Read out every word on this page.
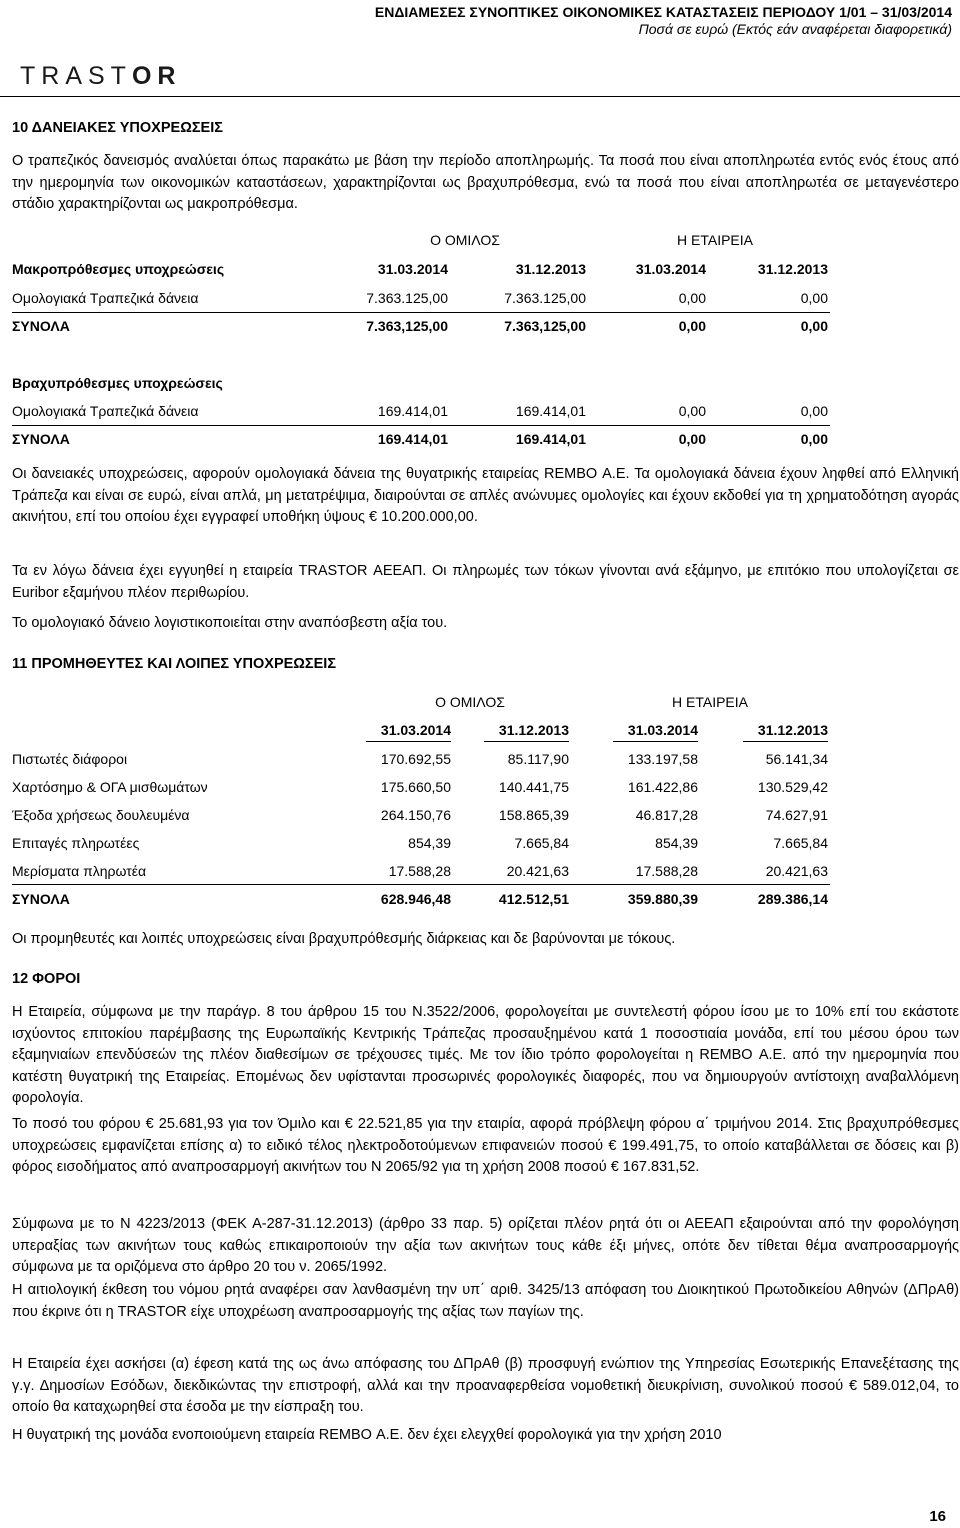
ΕΝΔΙΑΜΕΣΕΣ ΣΥΝΟΠΤΙΚΕΣ ΟΙΚΟΝΟΜΙΚΕΣ ΚΑΤΑΣΤΑΣΕΙΣ ΠΕΡΙΟΔΟΥ 1/01 – 31/03/2014
Ποσά σε ευρώ (Εκτός εάν αναφέρεται διαφορετικά)
TRASTOR
10 ΔΑΝΕΙΑΚΕΣ ΥΠΟΧΡΕΩΣΕΙΣ
Ο τραπεζικός δανεισμός αναλύεται όπως παρακάτω με βάση την περίοδο αποπληρωμής. Τα ποσά που είναι αποπληρωτέα εντός ενός έτους από την ημερομηνία των οικονομικών καταστάσεων, χαρακτηρίζονται ως βραχυπρόθεσμα, ενώ τα ποσά που είναι αποπληρωτέα σε μεταγενέστερο στάδιο χαρακτηρίζονται ως μακροπρόθεσμα.
Ο ΟΜΙΛΟΣ	Η ΕΤΑΙΡΕΙΑ
Μακροπρόθεσμες υποχρεώσεις	31.03.2014	31.12.2013	31.03.2014	31.12.2013
Ομολογιακά Τραπεζικά δάνεια	7.363.125,00	7.363.125,00	0,00	0,00
ΣΥΝΟΛΑ	7.363,125,00	7.363,125,00	0,00	0,00
Βραχυπρόθεσμες υποχρεώσεις
Ομολογιακά Τραπεζικά δάνεια	169.414,01	169.414,01	0,00	0,00
ΣΥΝΟΛΑ	169.414,01	169.414,01	0,00	0,00
Οι δανειακές υποχρεώσεις, αφορούν ομολογιακά δάνεια της θυγατρικής εταιρείας REMBO Α.Ε. Τα ομολογιακά δάνεια έχουν ληφθεί από Ελληνική Τράπεζα και είναι σε ευρώ, είναι απλά, μη μετατρέψιμα, διαιρούνται σε απλές ανώνυμες ομολογίες και έχουν εκδοθεί για τη χρηματοδότηση αγοράς ακινήτου, επί του οποίου έχει εγγραφεί υποθήκη ύψους € 10.200.000,00.
Τα εν λόγω δάνεια έχει εγγυηθεί η εταιρεία TRASTOR ΑΕΕΑΠ. Οι πληρωμές των τόκων γίνονται ανά εξάμηνο, με επιτόκιο που υπολογίζεται σε Euribor εξαμήνου πλέον περιθωρίου.
Το ομολογιακό δάνειο λογιστικοποιείται στην αναπόσβεστη αξία του.
11 ΠΡΟΜΗΘΕΥΤΕΣ ΚΑΙ ΛΟΙΠΕΣ ΥΠΟΧΡΕΩΣΕΙΣ
Ο ΟΜΙΛΟΣ	Η ΕΤΑΙΡΕΙΑ
31.03.2014	31.12.2013	31.03.2014	31.12.2013
Πιστωτές διάφοροι	170.692,55	85.117,90	133.197,58	56.141,34
Χαρτόσημο & ΟΓΑ μισθωμάτων	175.660,50	140.441,75	161.422,86	130.529,42
Έξοδα χρήσεως δουλευμένα	264.150,76	158.865,39	46.817,28	74.627,91
Επιταγές πληρωτέες	854,39	7.665,84	854,39	7.665,84
Μερίσματα πληρωτέα	17.588,28	20.421,63	17.588,28	20.421,63
ΣΥΝΟΛΑ	628.946,48	412.512,51	359.880,39	289.386,14
Οι προμηθευτές και λοιπές υποχρεώσεις είναι βραχυπρόθεσμής διάρκειας και δε βαρύνονται με τόκους.
12 ΦΟΡΟΙ
Η Εταιρεία, σύμφωνα με την παράγρ. 8 του άρθρου 15 του Ν.3522/2006, φορολογείται με συντελεστή φόρου ίσου με το 10% επί του εκάστοτε ισχύοντος επιτοκίου παρέμβασης της Ευρωπαϊκής Κεντρικής Τράπεζας προσαυξημένου κατά 1 ποσοστιαία μονάδα, επί του μέσου όρου των εξαμηνιαίων επενδύσεών της πλέον διαθεσίμων σε τρέχουσες τιμές. Με τον ίδιο τρόπο φορολογείται η REMBO Α.Ε. από την ημερομηνία που κατέστη θυγατρική της Εταιρείας. Επομένως δεν υφίστανται προσωρινές φορολογικές διαφορές, που να δημιουργούν αντίστοιχη αναβαλλόμενη φορολογία.
Το ποσό του φόρου € 25.681,93 για τον Όμιλο και € 22.521,85 για την εταιρία, αφορά πρόβλεψη φόρου α΄ τριμήνου 2014. Στις βραχυπρόθεσμες υποχρεώσεις εμφανίζεται επίσης α) το ειδικό τέλος ηλεκτροδοτούμενων επιφανειών ποσού € 199.491,75, το οποίο καταβάλλεται σε δόσεις και β) φόρος εισοδήματος από αναπροσαρμογή ακινήτων του Ν 2065/92 για τη χρήση 2008 ποσού € 167.831,52.
Σύμφωνα με το Ν 4223/2013 (ΦΕΚ Α-287-31.12.2013) (άρθρο 33 παρ. 5) ορίζεται πλέον ρητά ότι οι ΑΕΕΑΠ εξαιρούνται από την φορολόγηση υπεραξίας των ακινήτων τους καθώς επικαιροποιούν την αξία των ακινήτων τους κάθε έξι μήνες, οπότε δεν τίθεται θέμα αναπροσαρμογής σύμφωνα με τα οριζόμενα στο άρθρο 20 του ν. 2065/1992.
Η αιτιολογική έκθεση του νόμου ρητά αναφέρει σαν λανθασμένη την υπ΄ αριθ. 3425/13 απόφαση του Διοικητικού Πρωτοδικείου Αθηνών (ΔΠρΑθ) που έκρινε ότι η TRASTOR είχε υποχρέωση αναπροσαρμογής της αξίας των παγίων της.
Η Εταιρεία έχει ασκήσει (α) έφεση κατά της ως άνω απόφασης του ΔΠρΑθ (β) προσφυγή ενώπιον της Υπηρεσίας Εσωτερικής Επανεξέτασης της γ.γ. Δημοσίων Εσόδων, διεκδικώντας την επιστροφή, αλλά και την προαναφερθείσα νομοθετική διευκρίνιση, συνολικού ποσού € 589.012,04, το οποίο θα καταχωρηθεί στα έσοδα με την είσπραξη του.
Η θυγατρική της μονάδα ενοποιούμενη εταιρεία REMBO Α.Ε. δεν έχει ελεγχθεί φορολογικά για την χρήση 2010
16
